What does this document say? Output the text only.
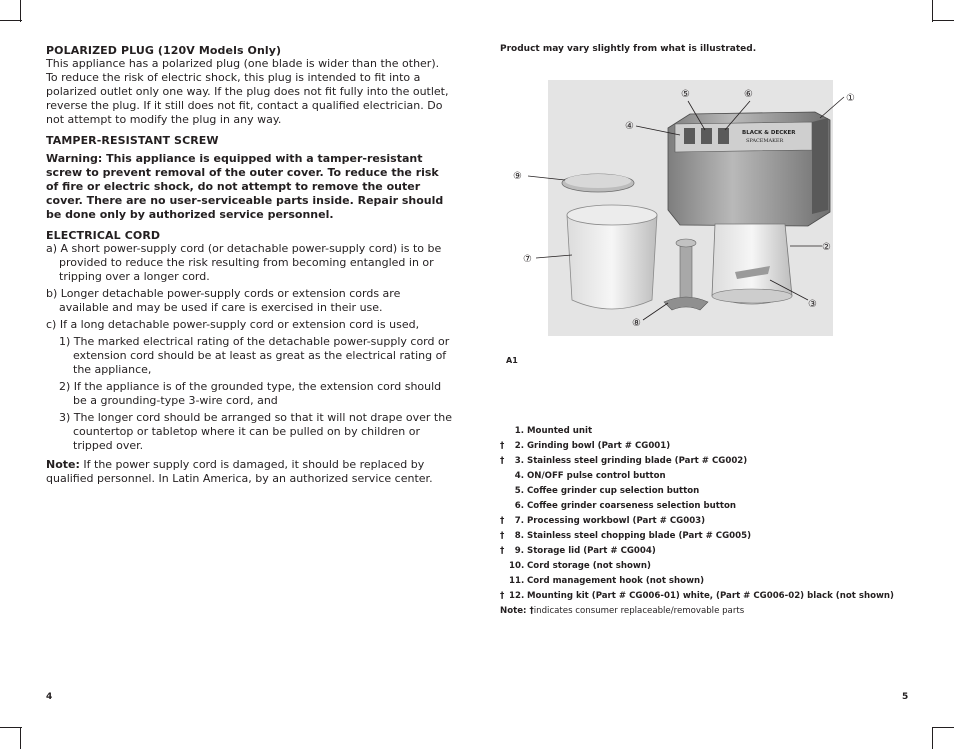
POLARIZED PLUG (120V Models Only)

This appliance has a polarized plug (one blade is wider than the other). To reduce the risk of electric shock, this plug is intended to fit into a polarized outlet only one way. If the plug does not fit fully into the outlet, reverse the plug. If it still does not fit, contact a qualified electrician. Do not attempt to modify the plug in any way.

TAMPER-RESISTANT SCREW

Warning: This appliance is equipped with a tamper-resistant screw to prevent removal of the outer cover. To reduce the risk of fire or electric shock, do not attempt to remove the outer cover. There are no user-serviceable parts inside. Repair should be done only by authorized service personnel.

ELECTRICAL CORD

a) A short power-supply cord (or detachable power-supply cord) is to be provided to reduce the risk resulting from becoming entangled in or tripping over a longer cord.

b) Longer detachable power-supply cords or extension cords are available and may be used if care is exercised in their use.

c) If a long detachable power-supply cord or extension cord is used,

1) The marked electrical rating of the detachable power-supply cord or extension cord should be at least as great as the electrical rating of the appliance,

2) If the appliance is of the grounded type, the extension cord should be a grounding-type 3-wire cord, and

3) The longer cord should be arranged so that it will not drape over the countertop or tabletop where it can be pulled on by children or tripped over.

Note: If the power supply cord is damaged, it should be replaced by qualified personnel. In Latin America, by an authorized service center.

4
Product may vary slightly from what is illustrated.
BLACK & DECKER
SPACEMAKER
①
②
③
④
⑤	⑥
⑦
⑧
⑨
A1
1. Mounted unit
†	2. Grinding bowl (Part # CG001)
†	3. Stainless steel grinding blade (Part # CG002)
4. ON/OFF pulse control button
5. Coffee grinder cup selection button
6. Coffee grinder coarseness selection button
†	7. Processing workbowl (Part # CG003)
†	8. Stainless steel chopping blade (Part # CG005)
†	9. Storage lid (Part # CG004)
10. Cord storage (not shown)
11. Cord management hook (not shown)
† 12. Mounting kit (Part # CG006-01) white, (Part # CG006-02) black (not shown)
Note: † indicates consumer replaceable/removable parts
5
